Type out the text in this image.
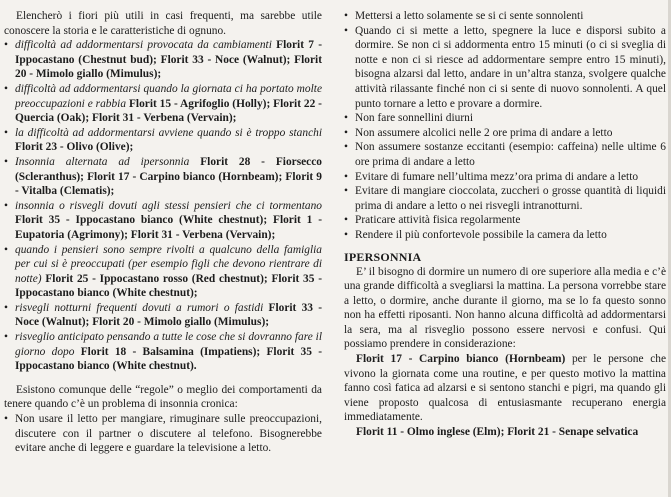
Elencherò i fiori più utili in casi frequenti, ma sarebbe utile conoscere la storia e le caratteristiche di ognuno.

• difficoltà ad addormentarsi provocata da cambiamenti Florit 7 - Ippocastano (Chestnut bud); Florit 33 - Noce (Walnut); Florit 20 - Mimolo giallo (Mimulus);
• difficoltà ad addormentarsi quando la giornata ci ha portato molte preoccupazioni e rabbia Florit 15 - Agrifoglio (Holly); Florit 22 - Quercia (Oak); Florit 31 - Verbena (Vervain);
• la difficoltà ad addormentarsi avviene quando si è troppo stanchi Florit 23 - Olivo (Olive);
• Insonnia alternata ad ipersonnia Florit 28 - Fiorsecco (Scleranthus); Florit 17 - Carpino bianco (Hornbeam); Florit 9 - Vitalba (Clematis);
• insonnia o risvegli dovuti agli stessi pensieri che ci tormentano Florit 35 - Ippocastano bianco (White chestnut); Florit 1 - Eupatoria (Agrimony); Florit 31 - Verbena (Vervain);
• quando i pensieri sono sempre rivolti a qualcuno della famiglia per cui si è preoccupati (per esempio figli che devono rientrare di notte) Florit 25 - Ippocastano rosso (Red chestnut); Florit 35 - Ippocastano bianco (White chestnut);
• risvegli notturni frequenti dovuti a rumori o fastidi Florit 33 - Noce (Walnut); Florit 20 - Mimolo giallo (Mimulus);
• risveglio anticipato pensando a tutte le cose che si dovranno fare il giorno dopo Florit 18 - Balsamina (Impatiens); Florit 35 - Ippocastano bianco (White chestnut).

Esistono comunque delle “regole” o meglio dei comportamenti da tenere quando c’è un problema di insonnia cronica:

• Non usare il letto per mangiare, rimuginare sulle preoccupazioni, discutere con il partner o discutere al telefono. Bisognerebbe evitare anche di leggere e guardare la televisione a letto.
• Mettersi a letto solamente se si ci sente sonnolenti
• Quando ci si mette a letto, spegnere la luce e disporsi subito a dormire. Se non ci si addormenta entro 15 minuti (o ci si sveglia di notte e non ci si riesce ad addormentare sempre entro 15 minuti), bisogna alzarsi dal letto, andare in un’altra stanza, svolgere qualche attività rilassante finché non ci si sente di nuovo sonnolenti. A quel punto tornare a letto e provare a dormire.
• Non fare sonnellini diurni
• Non assumere alcolici nelle 2 ore prima di andare a letto
• Non assumere sostanze eccitanti (esempio: caffeina) nelle ultime 6 ore prima di andare a letto
• Evitare di fumare nell’ultima mezz’ora prima di andare a letto
• Evitare di mangiare cioccolata, zuccheri o grosse quantità di liquidi prima di andare a letto o nei risvegli intranotturni.
• Praticare attività fisica regolarmente
• Rendere il più confortevole possibile la camera da letto
IPERSONNIA

E’ il bisogno di dormire un numero di ore superiore alla media e c’è una grande difficoltà a svegliarsi la mattina. La persona vorrebbe stare a letto, o dormire, anche durante il giorno, ma se lo fa questo sonno non ha effetti riposanti. Non hanno alcuna difficoltà ad addormentarsi la sera, ma al risveglio possono essere nervosi e confusi. Qui possiamo prendere in considerazione:

Florit 17 - Carpino bianco (Hornbeam) per le persone che vivono la giornata come una routine, e per questo motivo la mattina fanno così fatica ad alzarsi e si sentono stanchi e pigri, ma quando gli viene proposto qualcosa di entusiasmante recuperano energia immediatamente.

Florit 11 - Olmo inglese (Elm); Florit 21 - Senape selvatica
